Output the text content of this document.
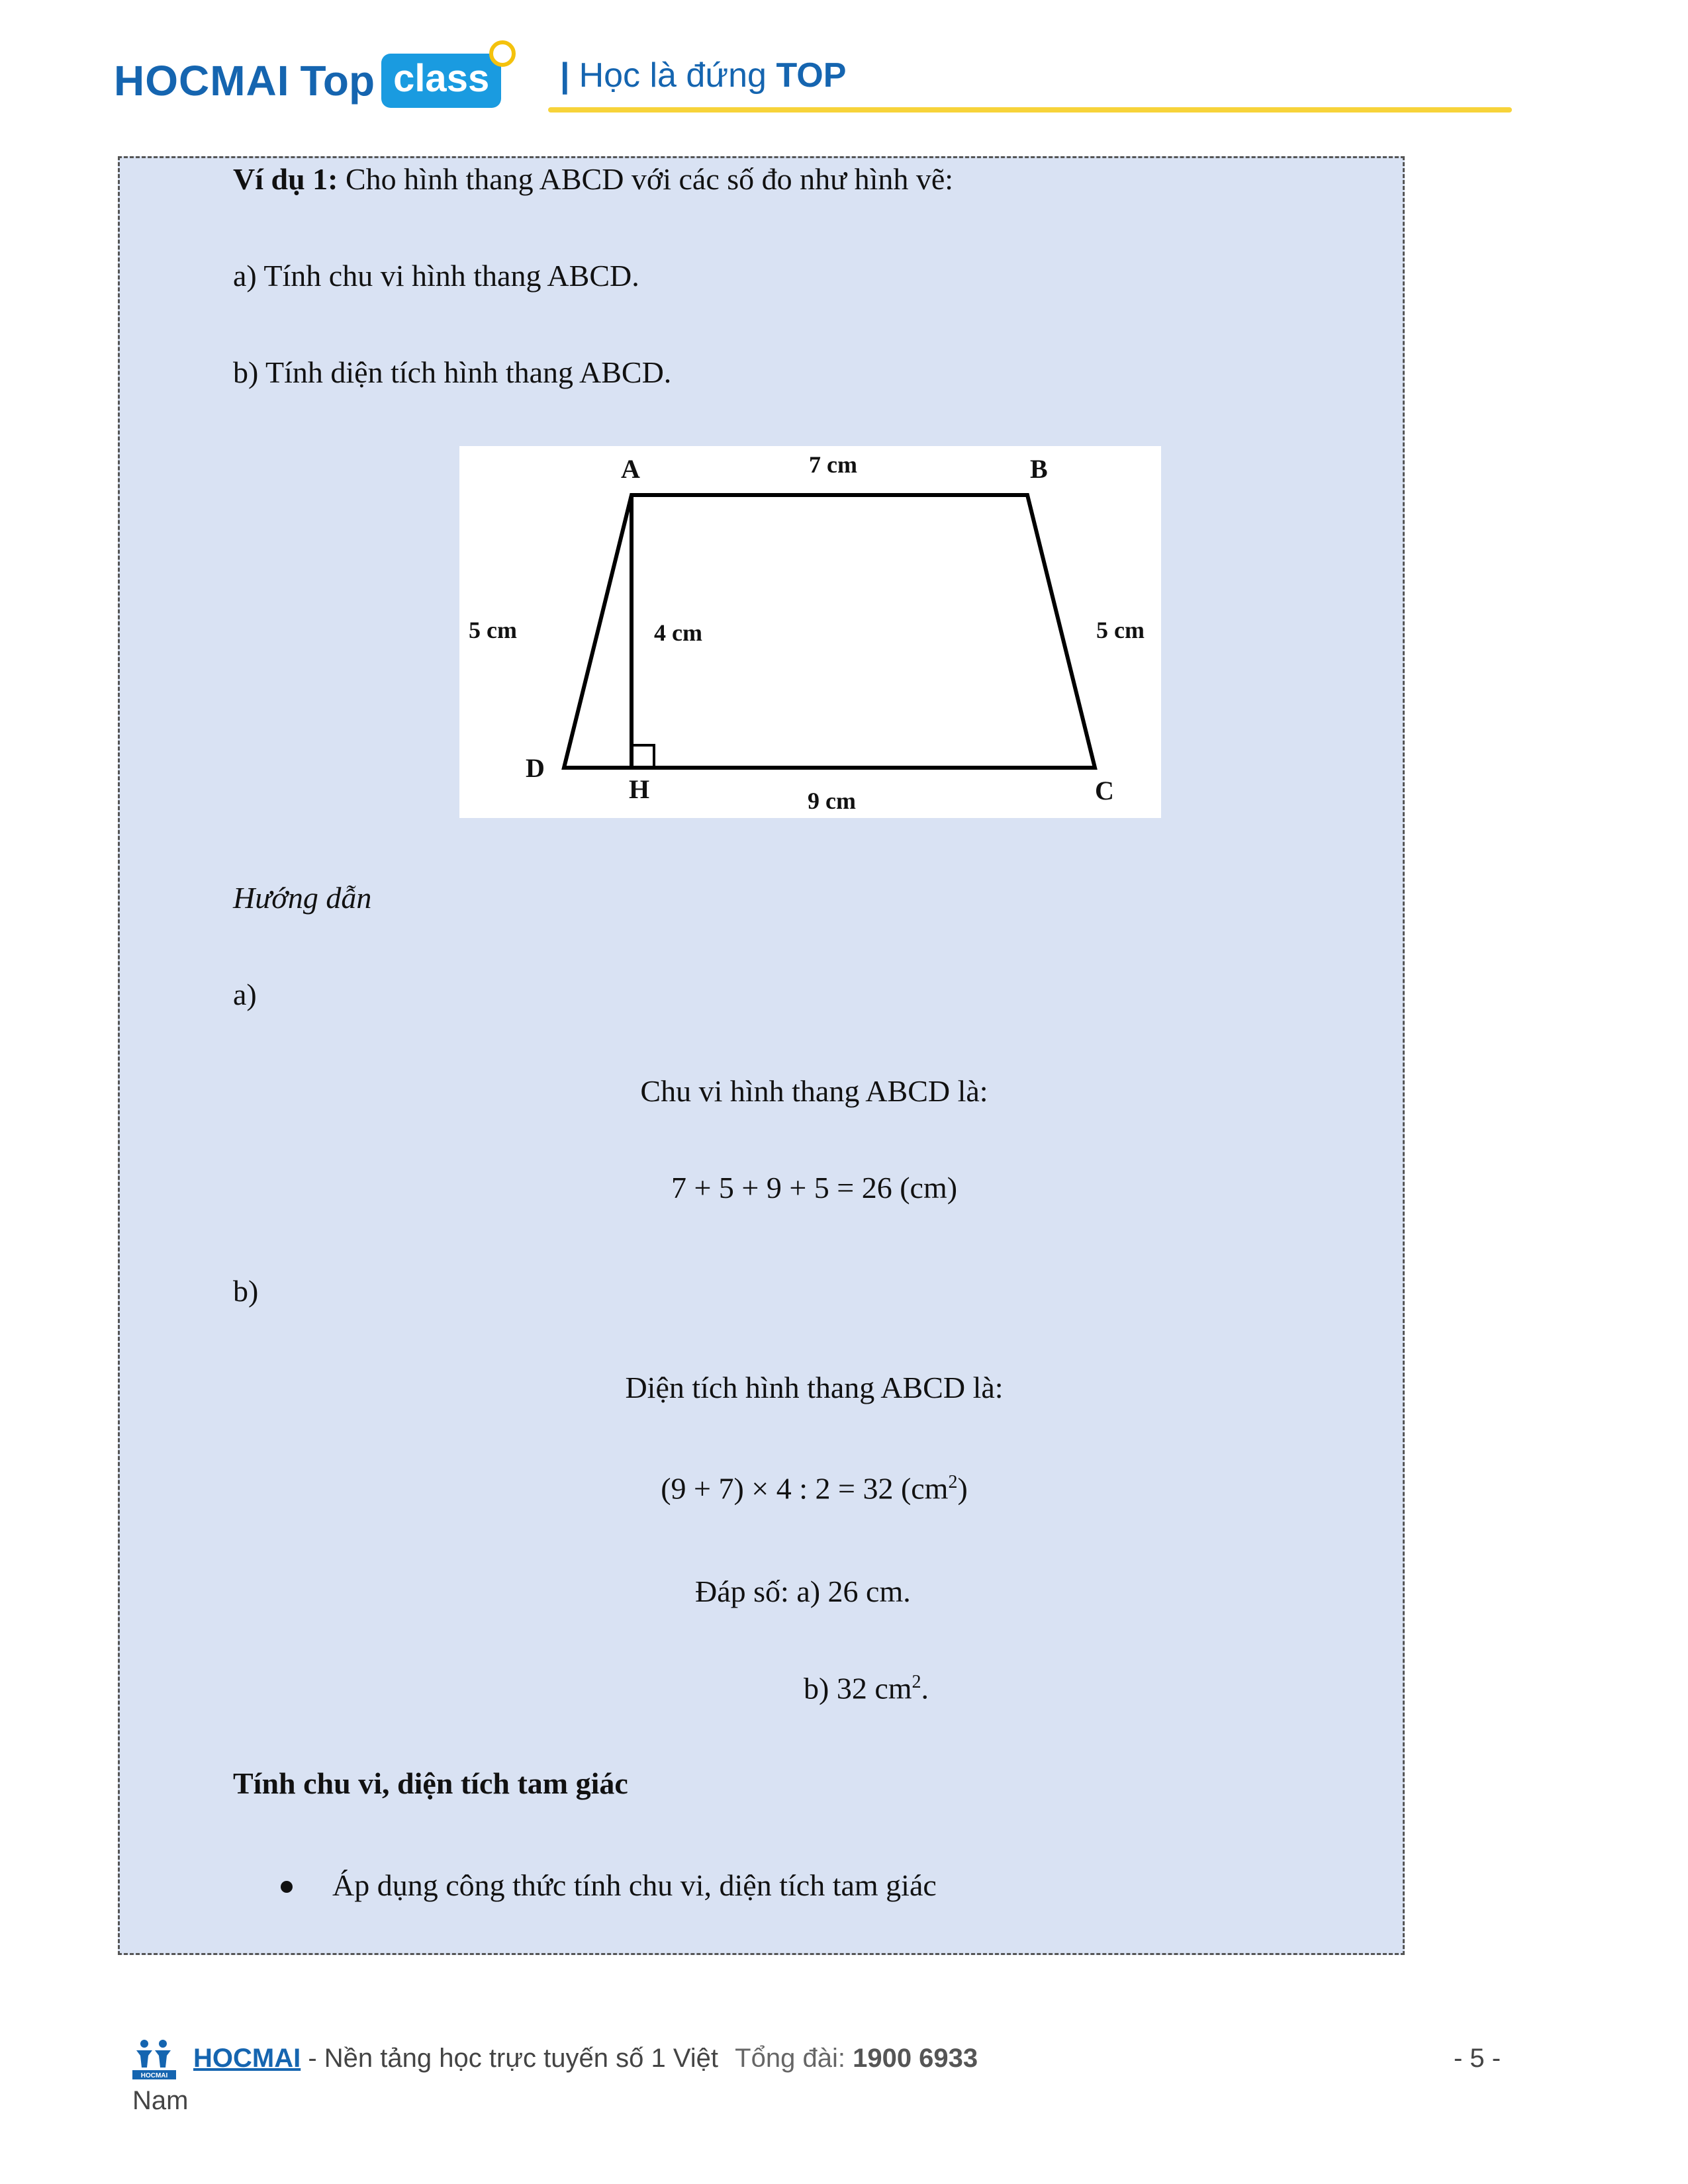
HOCMAI Top class	| Học là đứng TOP
Ví dụ 1: Cho hình thang ABCD với các số đo như hình vẽ:
a) Tính chu vi hình thang ABCD.
b) Tính diện tích hình thang ABCD.
A	B
D
H	C
7 cm
5 cm	4 cm	5 cm
9 cm
Hướng dẫn
a)
Chu vi hình thang ABCD là:
7 + 5 + 9 + 5 = 26 (cm)
b)
Diện tích hình thang ABCD là:
(9 + 7) × 4 : 2 = 32 $(cm^2)$
Đáp số: a) 26 cm.
b) 32 $cm^2$.
Tính chu vi, diện tích tam giác
Áp dụng công thức tính chu vi, diện tích tam giác
HOCMAI
HOCMAI - Nền tảng học trực tuyến số 1 Việt Tổng đài: 1900 6933	- 5 -
Nam
